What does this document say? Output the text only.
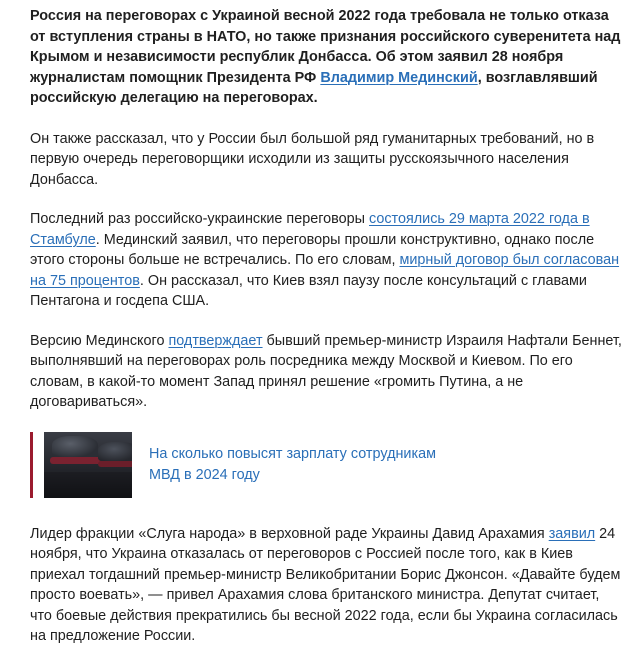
Россия на переговорах с Украиной весной 2022 года требовала не только отказа от вступления страны в НАТО, но также признания российского суверенитета над Крымом и независимости республик Донбасса. Об этом заявил 28 ноября журналистам помощник Президента РФ Владимир Мединский, возглавлявший российскую делегацию на переговорах.

Он также рассказал, что у России был большой ряд гуманитарных требований, но в первую очередь переговорщики исходили из защиты русскоязычного населения Донбасса.

Последний раз российско-украинские переговоры состоялись 29 марта 2022 года в Стамбуле. Мединский заявил, что переговоры прошли конструктивно, однако после этого стороны больше не встречались. По его словам, мирный договор был согласован на 75 процентов. Он рассказал, что Киев взял паузу после консультаций с главами Пентагона и госдепа США.

Версию Мединского подтверждает бывший премьер-министр Израиля Нафтали Беннет, выполнявший на переговорах роль посредника между Москвой и Киевом. По его словам, в какой-то момент Запад принял решение «громить Путина, а не договариваться».

На сколько повысят зарплату сотрудникам МВД в 2024 году

Лидер фракции «Слуга народа» в верховной раде Украины Давид Арахамия заявил 24 ноября, что Украина отказалась от переговоров с Россией после того, как в Киев приехал тогдашний премьер-министр Великобритании Борис Джонсон. «Давайте будем просто воевать», — привел Арахамия слова британского министра. Депутат считает, что боевые действия прекратились бы весной 2022 года, если бы Украина согласилась на предложение России.
